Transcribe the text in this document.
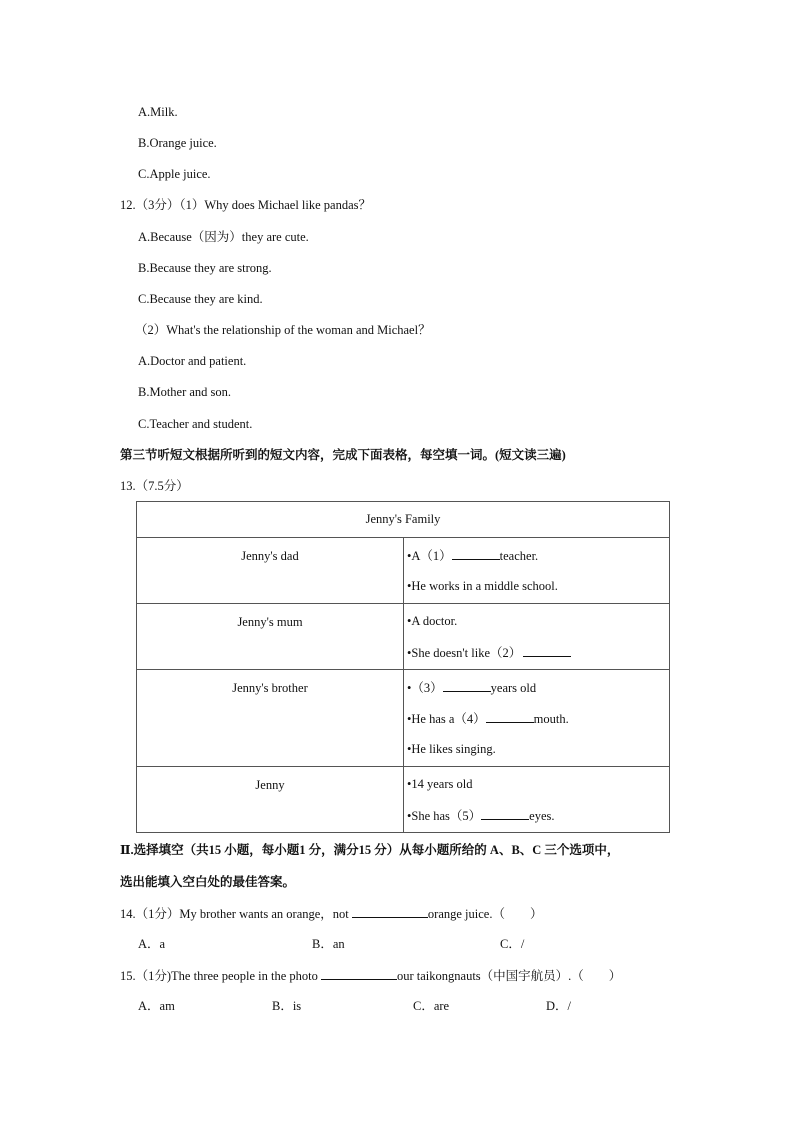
A.Milk.
B.Orange juice.
C.Apple juice.
12.（3分）（1）Why does Michael like pandas？
A.Because（因为）they are cute.
B.Because they are strong.
C.Because they are kind.
（2）What's the relationship of the woman and Michael？
A.Doctor and patient.
B.Mother and son.
C.Teacher and student.
第三节听短文根据所听到的短文内容，完成下面表格，每空填一词。(短文读三遍)
13.（7.5分）
Jenny's Family	
Jenny's dad	•A（1） teacher.

•He works in a middle school.

Jenny's mum	•A doctor.

•She doesn't like（2）

Jenny's brother	•（3） years old

•He has a（4） mouth.

•He likes singing.

Jenny	•14 years old

•She has（5） eyes.

Ⅱ.选择填空（共15 小题，每小题1 分，满分15 分）从每小题所给的 A、B、C 三个选项中，
选出能填入空白处的最佳答案。
14.（1分）My brother wants an orange，not	orange juice.（　　）
A．a	B．an	C．/
15.（1分)The three people in the photo	our taikongnauts（中国宇航员）.（　　）
A．am	B．is	C．are	D．/
